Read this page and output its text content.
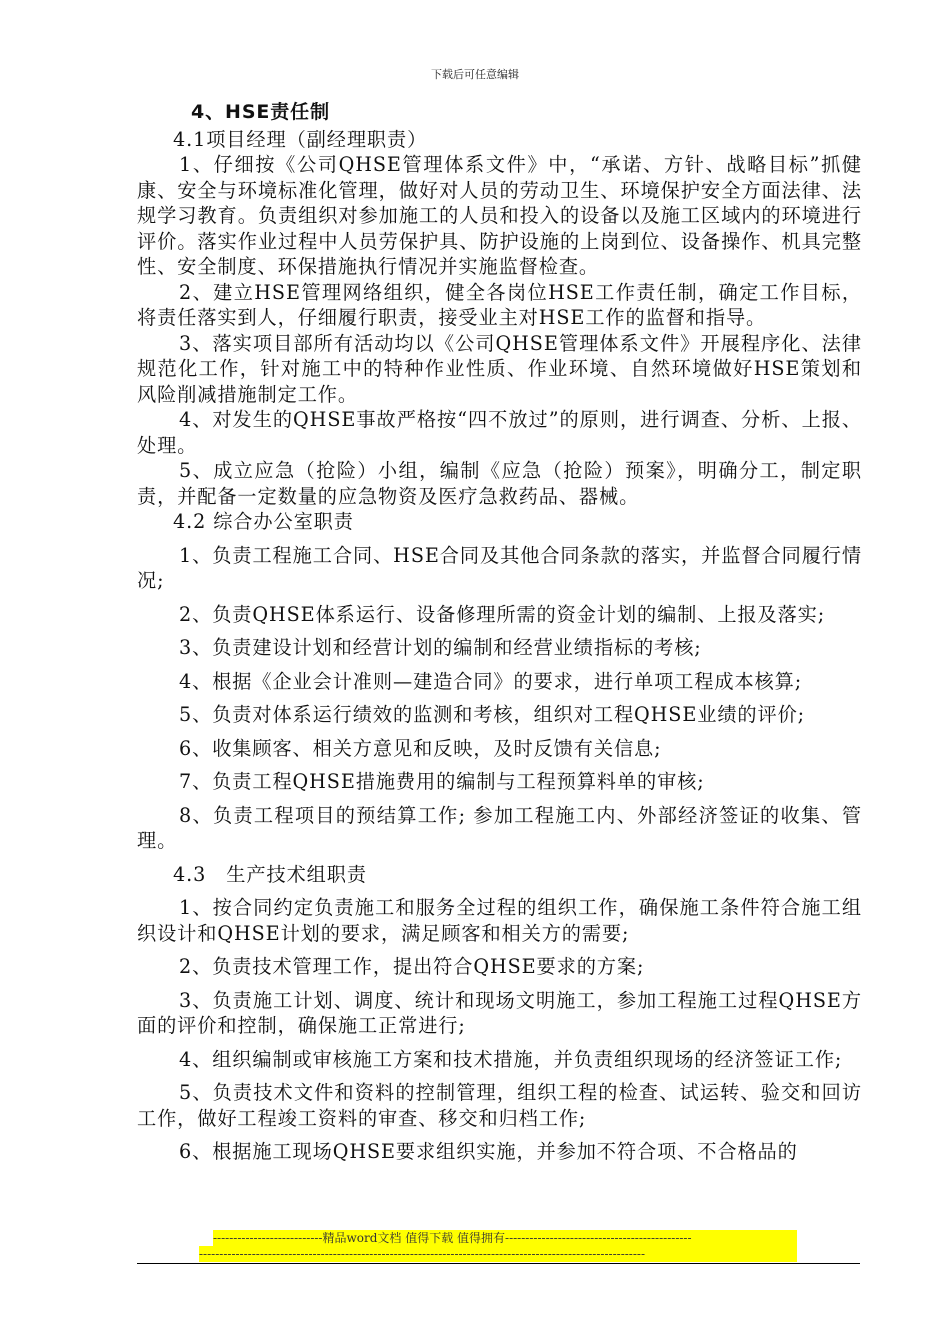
下载后可任意编辑

4、HSE责任制

4.1项目经理（副经理职责）

1、仔细按《公司QHSE管理体系文件》中，“承诺、方针、战略目标”抓健康、安全与环境标准化管理，做好对人员的劳动卫生、环境保护安全方面法律、法规学习教育。负责组织对参加施工的人员和投入的设备以及施工区域内的环境进行评价。落实作业过程中人员劳保护具、防护设施的上岗到位、设备操作、机具完整性、安全制度、环保措施执行情况并实施监督检查。

2、建立HSE管理网络组织，健全各岗位HSE工作责任制，确定工作目标，将责任落实到人，仔细履行职责，接受业主对HSE工作的监督和指导。

3、落实项目部所有活动均以《公司QHSE管理体系文件》开展程序化、法律规范化工作，针对施工中的特种作业性质、作业环境、自然环境做好HSE策划和风险削减措施制定工作。

4、对发生的QHSE事故严格按“四不放过”的原则，进行调查、分析、上报、处理。

5、成立应急（抢险）小组，编制《应急（抢险）预案》，明确分工，制定职责，并配备一定数量的应急物资及医疗急救药品、器械。

4.2 综合办公室职责

1、负责工程施工合同、HSE合同及其他合同条款的落实，并监督合同履行情况;

2、负责QHSE体系运行、设备修理所需的资金计划的编制、上报及落实;

3、负责建设计划和经营计划的编制和经营业绩指标的考核;

4、根据《企业会计准则—建造合同》的要求，进行单项工程成本核算;

5、负责对体系运行绩效的监测和考核，组织对工程QHSE业绩的评价;

6、收集顾客、相关方意见和反映，及时反馈有关信息;

7、负责工程QHSE措施费用的编制与工程预算料单的审核;

8、负责工程项目的预结算工作; 参加工程施工内、外部经济签证的收集、管理。

4.3　生产技术组职责

1、按合同约定负责施工和服务全过程的组织工作，确保施工条件符合施工组织设计和QHSE计划的要求，满足顾客和相关方的需要;

2、负责技术管理工作，提出符合QHSE要求的方案;

3、负责施工计划、调度、统计和现场文明施工，参加工程施工过程QHSE方面的评价和控制，确保施工正常进行;

4、组织编制或审核施工方案和技术措施，并负责组织现场的经济签证工作;

5、负责技术文件和资料的控制管理，组织工程的检查、试运转、验交和回访工作，做好工程竣工资料的审查、移交和归档工作;

6、根据施工现场QHSE要求组织实施，并参加不符合项、不合格品的

---------------------------精品word文档 值得下载 值得拥有----------------------------------------------
--------------------------------------------------------------------------------------------------------------
